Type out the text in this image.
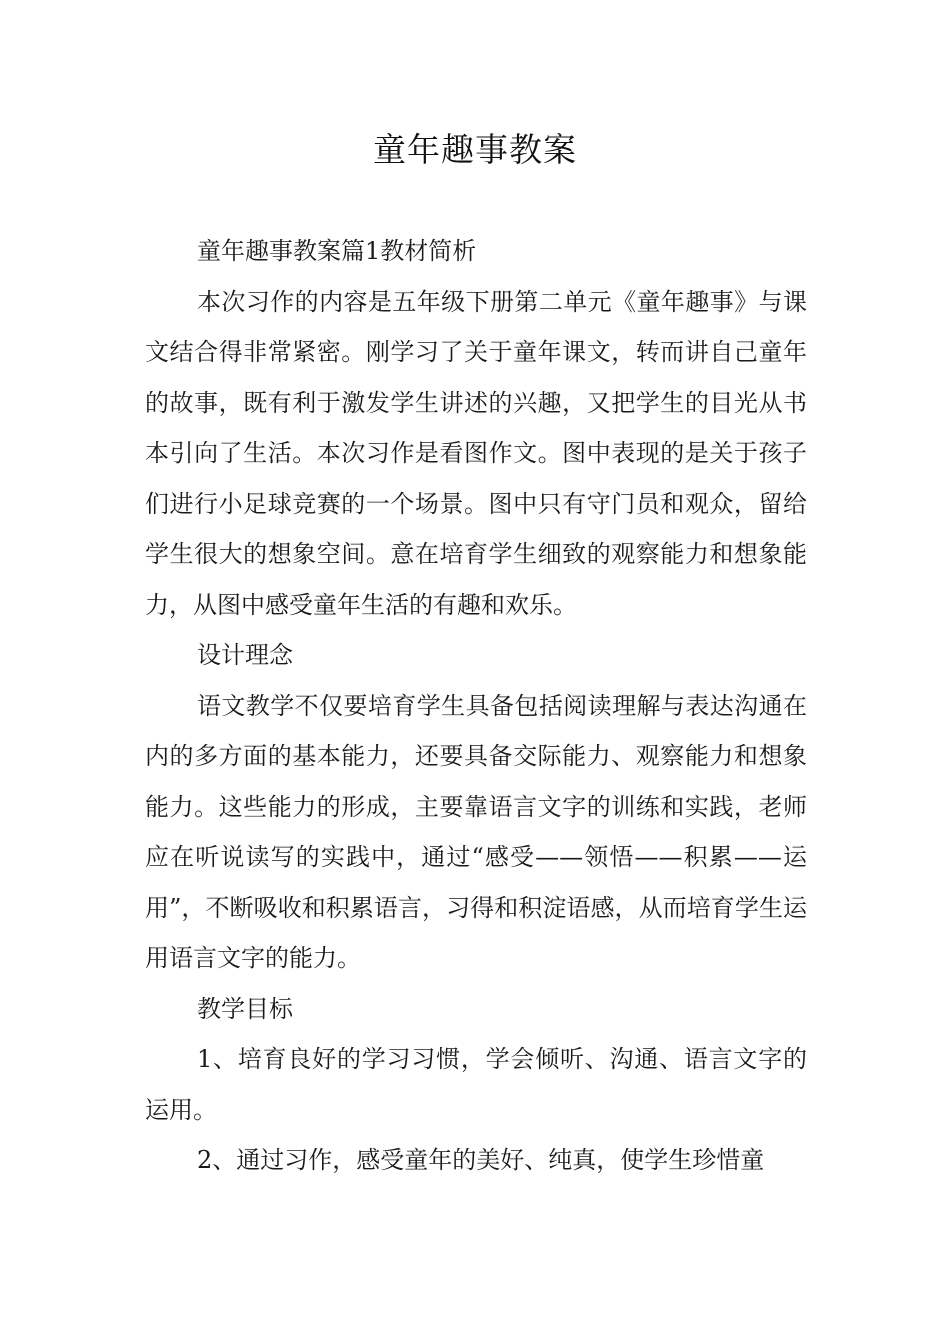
童年趣事教案

童年趣事教案篇1教材简析

本次习作的内容是五年级下册第二单元《童年趣事》与课文结合得非常紧密。刚学习了关于童年课文，转而讲自己童年的故事，既有利于激发学生讲述的兴趣，又把学生的目光从书本引向了生活。本次习作是看图作文。图中表现的是关于孩子们进行小足球竞赛的一个场景。图中只有守门员和观众，留给学生很大的想象空间。意在培育学生细致的观察能力和想象能力，从图中感受童年生活的有趣和欢乐。

设计理念

语文教学不仅要培育学生具备包括阅读理解与表达沟通在内的多方面的基本能力，还要具备交际能力、观察能力和想象能力。这些能力的形成，主要靠语言文字的训练和实践，老师应在听说读写的实践中，通过“感受——领悟——积累——运用”，不断吸收和积累语言，习得和积淀语感，从而培育学生运用语言文字的能力。

教学目标

1、培育良好的学习习惯，学会倾听、沟通、语言文字的运用。

2、通过习作，感受童年的美好、纯真，使学生珍惜童
